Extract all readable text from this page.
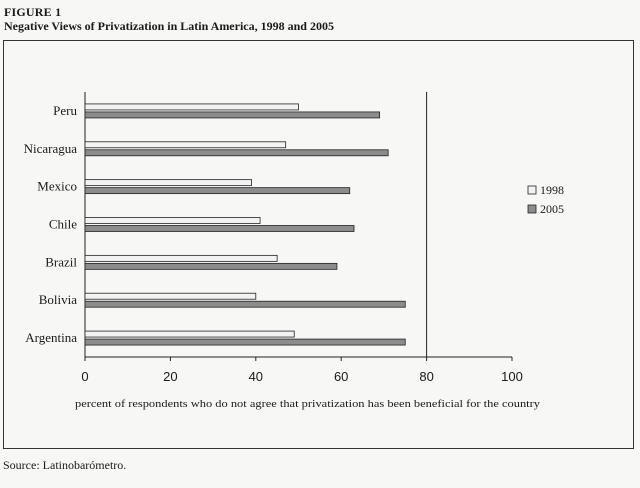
FIGURE 1
Negative Views of Privatization in Latin America, 1998 and 2005
0	20	40	60	80	100
percent of respondents who do not agree that privatization has been beneficial for the country
Peru
Nicaragua
Mexico
Chile
Brazil
Bolivia
Argentina
1998
2005
Source: Latinobarómetro.
